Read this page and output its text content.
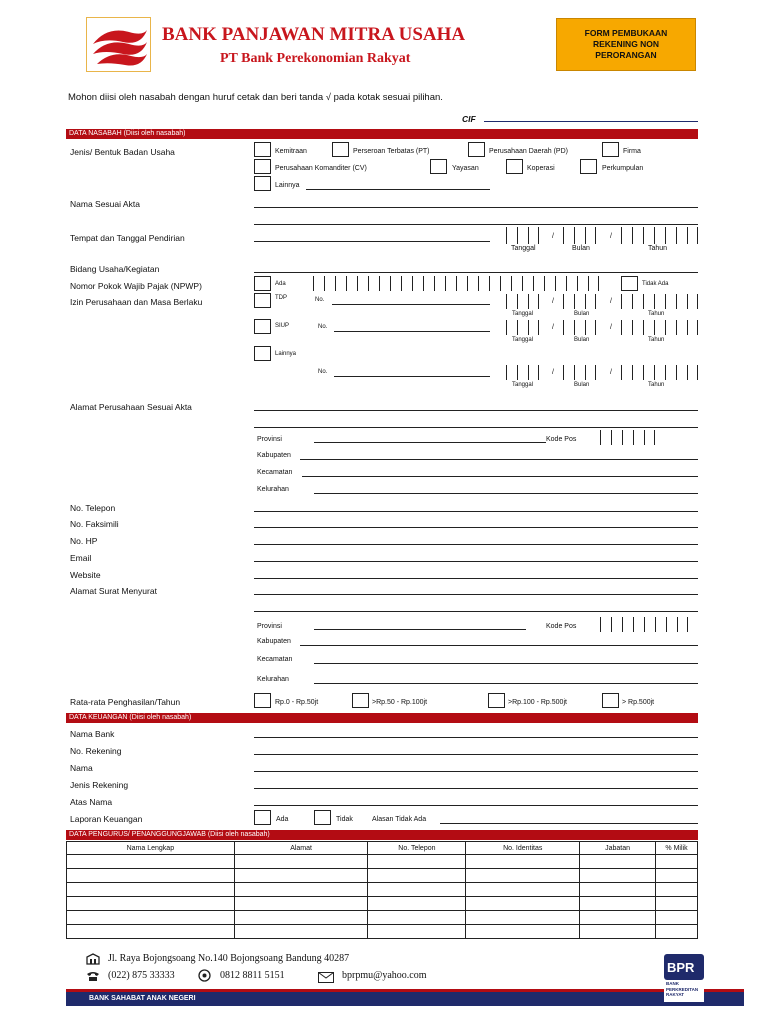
BANK PANJAWAN MITRA USAHA
PT Bank Perekonomian Rakyat
FORM PEMBUKAAN REKENING NON PERORANGAN
Mohon diisi oleh nasabah dengan huruf cetak dan beri tanda √ pada kotak sesuai pilihan.
CIF
DATA NASABAH (Diisi oleh nasabah)
Jenis/ Bentuk Badan Usaha	Kemitraan	Perseroan Terbatas (PT)	Perusahaan Daerah (PD)	Firma
Perusahaan Komanditer (CV)	Yayasan	Koperasi	Perkumpulan
Lainnya
Nama Sesuai Akta
Tempat dan Tanggal Pendirian	/	/
Tanggal	Bulan	Tahun
Bidang Usaha/Kegiatan
Nomor Pokok Wajib Pajak (NPWP)	Ada	Tidak Ada
Izin Perusahaan dan Masa Berlaku	TDP	No.	/	/
Tanggal	Bulan	Tahun
SIUP	No.	/	/
Tanggal	Bulan	Tahun
Lainnya
No.	/	/
Tanggal	Bulan	Tahun
Alamat Perusahaan Sesuai Akta
Provinsi	Kode Pos
Kabupaten
Kecamatan
Kelurahan
No. Telepon
No. Faksimili
No. HP
Email
Website
Alamat Surat Menyurat
Provinsi	Kode Pos
Kabupaten
Kecamatan
Kelurahan
Rata-rata Penghasilan/Tahun	Rp.0 - Rp.50jt	>Rp.50 - Rp.100jt	>Rp.100 - Rp.500jt	> Rp.500jt
DATA KEUANGAN (Diisi oleh nasabah)
Nama Bank
No. Rekening
Nama
Jenis Rekening
Atas Nama
Laporan Keuangan	Ada	Tidak	Alasan Tidak Ada
DATA PENGURUS/ PENANGGUNGJAWAB (Diisi oleh nasabah)
Nama Lengkap	Alamat	No. Telepon	No. Identitas	Jabatan	% Milik

Jl. Raya Bojongsoang No.140 Bojongsoang Bandung 40287
(022) 875 33333	0812 8811 5151	bprpmu@yahoo.com
BANK SAHABAT ANAK NEGERI
BPR
BANK PERKREDITAN RAKYAT
